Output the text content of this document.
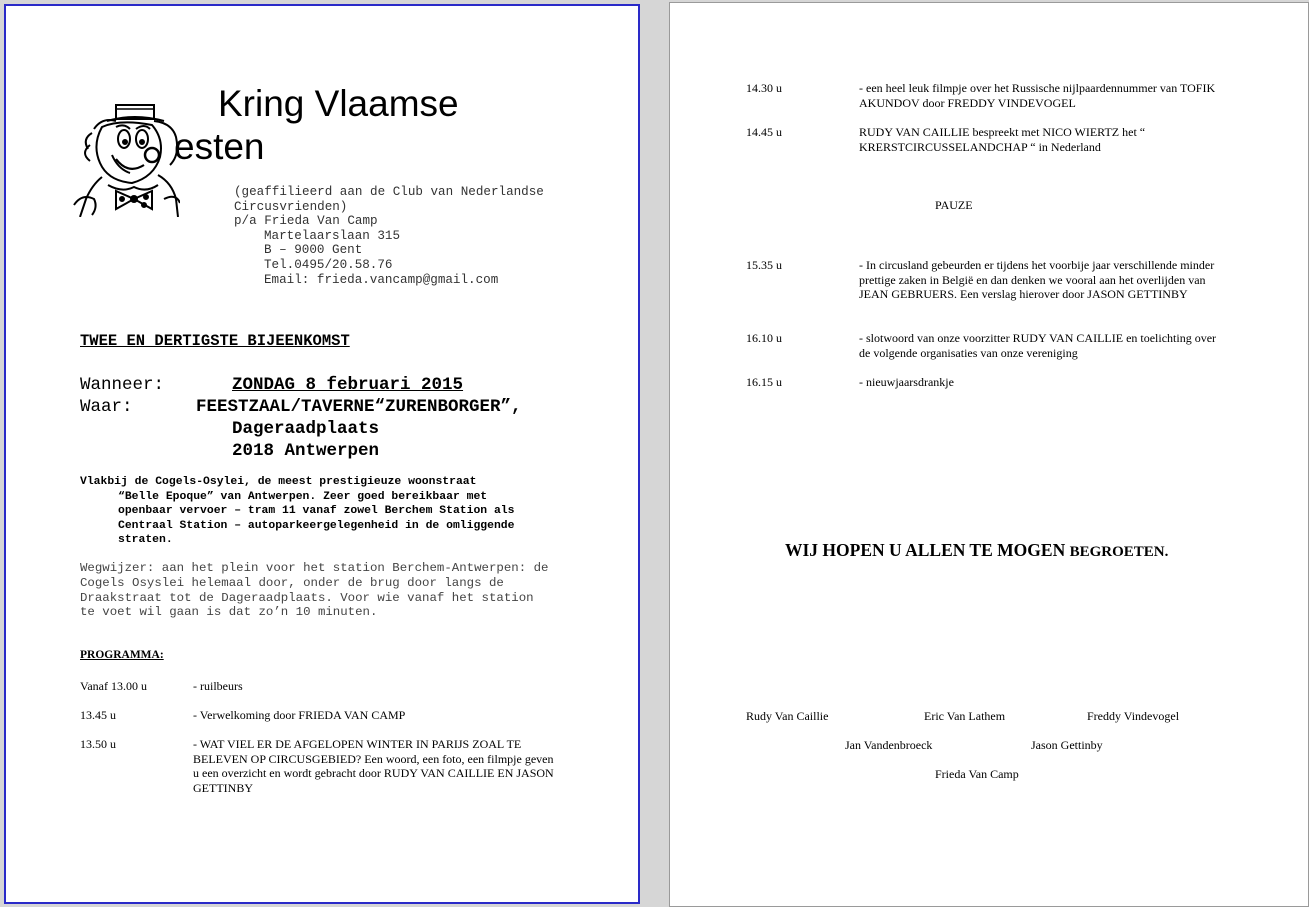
Kring Vlaamse
esten
(geaffilieerd aan de Club van Nederlandse
Circusvrienden)
p/a Frieda Van Camp
Martelaarslaan 315
B – 9000 Gent
Tel.0495/20.58.76
Email: frieda.vancamp@gmail.com
TWEE EN DERTIGSTE BIJEENKOMST
Wanneer:	ZONDAG 8 februari 2015
Waar:	FEESTZAAL/TAVERNE“ZURENBORGER”,
Dageraadplaats
2018 Antwerpen
Vlakbij de Cogels-Osylei, de meest prestigieuze woonstraat
“Belle Epoque” van Antwerpen. Zeer goed bereikbaar met
openbaar vervoer – tram 11 vanaf zowel Berchem Station als
Centraal Station – autoparkeergelegenheid in de omliggende
straten.
Wegwijzer: aan het plein voor het station Berchem-Antwerpen: de
Cogels Osyslei helemaal door, onder de brug door langs de
Draakstraat tot de Dageraadplaats. Voor wie vanaf het station
te voet wil gaan is dat zo’n 10 minuten.
PROGRAMMA:
Vanaf 13.00 u	- ruilbeurs
13.45 u	- Verwelkoming door FRIEDA VAN CAMP
13.50 u	- WAT VIEL ER DE AFGELOPEN WINTER IN PARIJS ZOAL TE BELEVEN OP CIRCUSGEBIED? Een woord, een foto, een filmpje geven u een overzicht en wordt gebracht door RUDY VAN CAILLIE EN JASON GETTINBY
14.30 u	- een heel leuk filmpje over het Russische nijlpaardennummer van TOFIK AKUNDOV door FREDDY VINDEVOGEL
14.45 u	RUDY VAN CAILLIE bespreekt met NICO WIERTZ het “ KRERSTCIRCUSSELANDCHAP “ in Nederland
PAUZE
15.35 u	- In circusland gebeurden er tijdens het voorbije jaar verschillende minder prettige zaken in België en dan denken we vooral aan het overlijden van JEAN GEBRUERS. Een verslag hierover door JASON GETTINBY
16.10 u	- slotwoord van onze voorzitter RUDY VAN CAILLIE en toelichting over de volgende organisaties van onze vereniging
16.15 u	- nieuwjaarsdrankje
WIJ HOPEN U ALLEN TE MOGEN BEGROETEN.
Rudy Van Caillie	Eric Van Lathem	Freddy Vindevogel
Jan Vandenbroeck	Jason Gettinby
Frieda Van Camp
